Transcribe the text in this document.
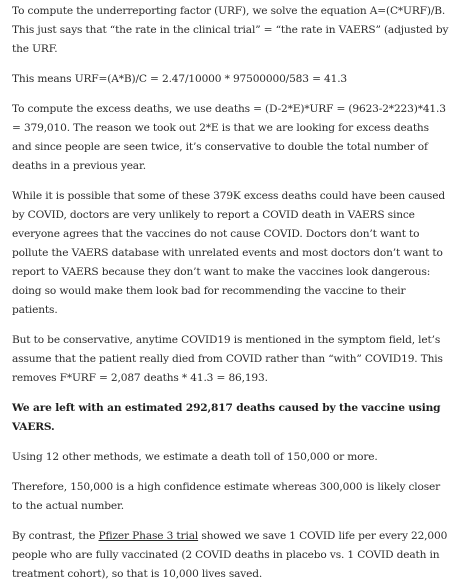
To compute the underreporting factor (URF), we solve the equation A=(C*URF)/B. This just says that “the rate in the clinical trial” = “the rate in VAERS” (adjusted by the URF.

This means URF=(A*B)/C = 2.47/10000 * 97500000/583 = 41.3

To compute the excess deaths, we use deaths = (D-2*E)*URF = (9623-2*223)*41.3 = 379,010. The reason we took out 2*E is that we are looking for excess deaths and since people are seen twice, it’s conservative to double the total number of deaths in a previous year.

While it is possible that some of these 379K excess deaths could have been caused by COVID, doctors are very unlikely to report a COVID death in VAERS since everyone agrees that the vaccines do not cause COVID. Doctors don’t want to pollute the VAERS database with unrelated events and most doctors don’t want to report to VAERS because they don’t want to make the vaccines look dangerous: doing so would make them look bad for recommending the vaccine to their patients.

But to be conservative, anytime COVID19 is mentioned in the symptom field, let’s assume that the patient really died from COVID rather than “with” COVID19. This removes F*URF = 2,087 deaths * 41.3 = 86,193.

We are left with an estimated 292,817 deaths caused by the vaccine using VAERS.

Using 12 other methods, we estimate a death toll of 150,000 or more.

Therefore, 150,000 is a high confidence estimate whereas 300,000 is likely closer to the actual number.

By contrast, the Pfizer Phase 3 trial showed we save 1 COVID life per every 22,000 people who are fully vaccinated (2 COVID deaths in placebo vs. 1 COVID death in treatment cohort), so that is 10,000 lives saved.
